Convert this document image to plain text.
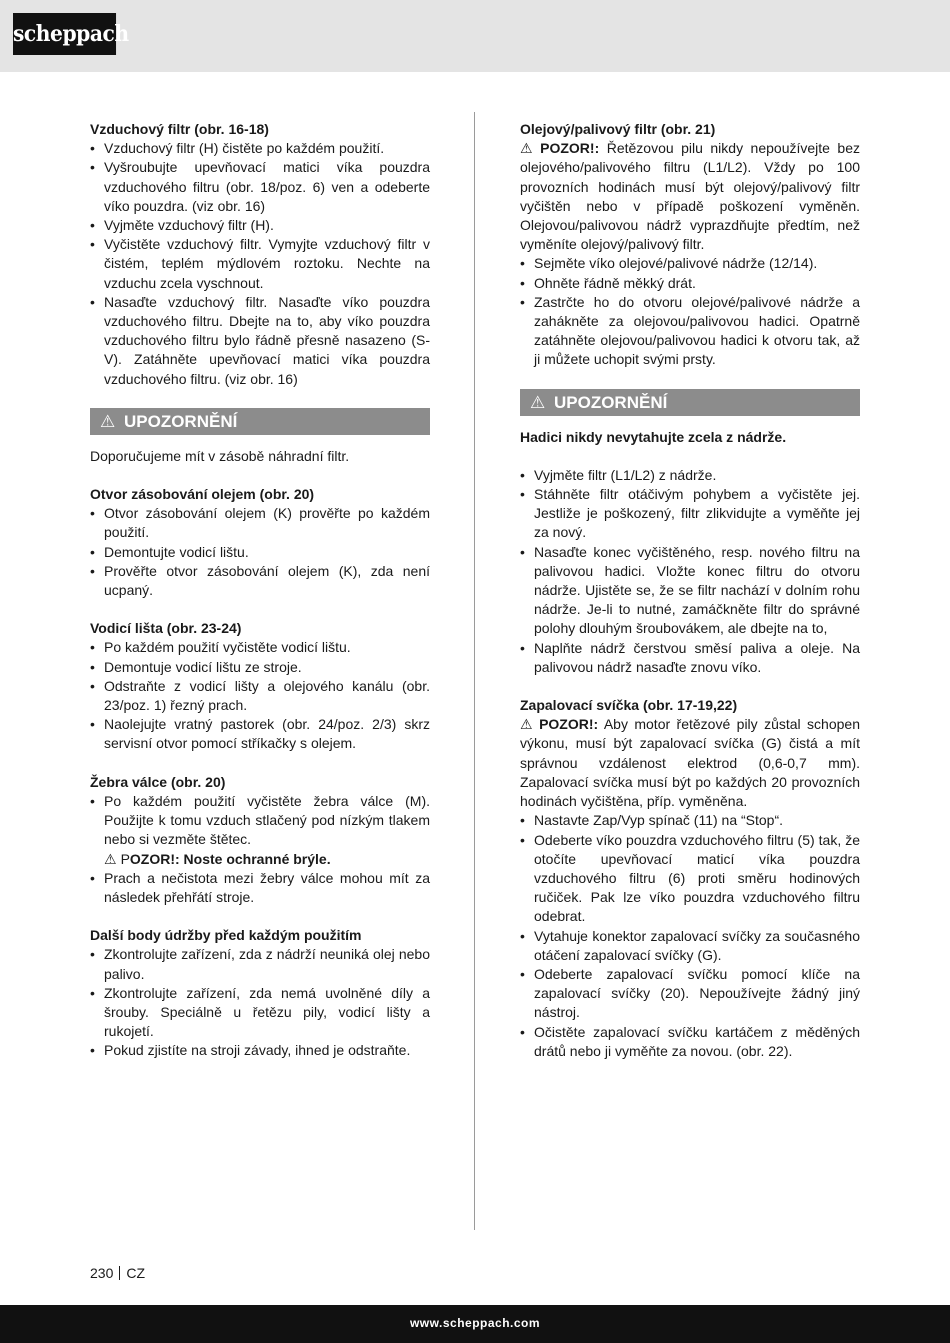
scheppach
Vzduchový filtr (obr. 16-18)
• Vzduchový filtr (H) čistěte po každém použití.
• Vyšroubujte upevňovací matici víka pouzdra vzduchového filtru (obr. 18/poz. 6) ven a odeberte víko pouzdra. (viz obr. 16)
• Vyjměte vzduchový filtr (H).
• Vyčistěte vzduchový filtr. Vymyjte vzduchový filtr v čistém, teplém mýdlovém roztoku. Nechte na vzduchu zcela vyschnout.
• Nasaďte vzduchový filtr. Nasaďte víko pouzdra vzduchového filtru. Dbejte na to, aby víko pouzdra vzduchového filtru bylo řádně přesně nasazeno (S-V). Zatáhněte upevňovací matici víka pouzdra vzduchového filtru. (viz obr. 16)
⚠ UPOZORNĚNÍ

Doporučujeme mít v zásobě náhradní filtr.

Otvor zásobování olejem (obr. 20)
• Otvor zásobování olejem (K) prověřte po každém použití.
• Demontujte vodicí lištu.
• Prověřte otvor zásobování olejem (K), zda není ucpaný.
Vodicí lišta (obr. 23-24)
• Po každém použití vyčistěte vodicí lištu.
• Demontuje vodicí lištu ze stroje.
• Odstraňte z vodicí lišty a olejového kanálu (obr. 23/poz. 1) řezný prach.
• Naolejujte vratný pastorek (obr. 24/poz. 2/3) skrz servisní otvor pomocí stříkačky s olejem.
Žebra válce (obr. 20)
• Po každém použití vyčistěte žebra válce (M). Použijte k tomu vzduch stlačený pod nízkým tlakem nebo si vezměte štětec.
⚠ POZOR!: Noste ochranné brýle.
• Prach a nečistota mezi žebry válce mohou mít za následek přehřátí stroje.
Další body údržby před každým použitím
• Zkontrolujte zařízení, zda z nádrží neuniká olej nebo palivo.
• Zkontrolujte zařízení, zda nemá uvolněné díly a šrouby. Speciálně u řetězu pily, vodicí lišty a rukojetí.
• Pokud zjistíte na stroji závady, ihned je odstraňte.
Olejový/palivový filtr (obr. 21)

⚠ POZOR!: Řetězovou pilu nikdy nepoužívejte bez olejového/palivového filtru (L1/L2). Vždy po 100 provozních hodinách musí být olejový/palivový filtr vyčištěn nebo v případě poškození vyměněn. Olejovou/palivovou nádrž vyprazdňujte předtím, než vyměníte olejový/palivový filtr.

• Sejměte víko olejové/palivové nádrže (12/14).
• Ohněte řádně měkký drát.
• Zastrčte ho do otvoru olejové/palivové nádrže a zahákněte za olejovou/palivovou hadici. Opatrně zatáhněte olejovou/palivovou hadici k otvoru tak, až ji můžete uchopit svými prsty.
⚠ UPOZORNĚNÍ

Hadici nikdy nevytahujte zcela z nádrže.

• Vyjměte filtr (L1/L2) z nádrže.
• Stáhněte filtr otáčivým pohybem a vyčistěte jej. Jestliže je poškozený, filtr zlikvidujte a vyměňte jej za nový.
• Nasaďte konec vyčištěného, resp. nového filtru na palivovou hadici. Vložte konec filtru do otvoru nádrže. Ujistěte se, že se filtr nachází v dolním rohu nádrže. Je-li to nutné, zamáčkněte filtr do správné polohy dlouhým šroubovákem, ale dbejte na to,
• Naplňte nádrž čerstvou směsí paliva a oleje. Na palivovou nádrž nasaďte znovu víko.
Zapalovací svíčka (obr. 17-19,22)

⚠ POZOR!: Aby motor řetězové pily zůstal schopen výkonu, musí být zapalovací svíčka (G) čistá a mít správnou vzdálenost elektrod (0,6-0,7 mm). Zapalovací svíčka musí být po každých 20 provozních hodinách vyčištěna, příp. vyměněna.

• Nastavte Zap/Vyp spínač (11) na “Stop“.
• Odeberte víko pouzdra vzduchového filtru (5) tak, že otočíte upevňovací maticí víka pouzdra vzduchového filtru (6) proti směru hodinových ručiček. Pak lze víko pouzdra vzduchového filtru odebrat.
• Vytahuje konektor zapalovací svíčky za současného otáčení zapalovací svíčky (G).
• Odeberte zapalovací svíčku pomocí klíče na zapalovací svíčky (20). Nepoužívejte žádný jiný nástroj.
• Očistěte zapalovací svíčku kartáčem z měděných drátů nebo ji vyměňte za novou. (obr. 22).
230 CZ
www.scheppach.com
